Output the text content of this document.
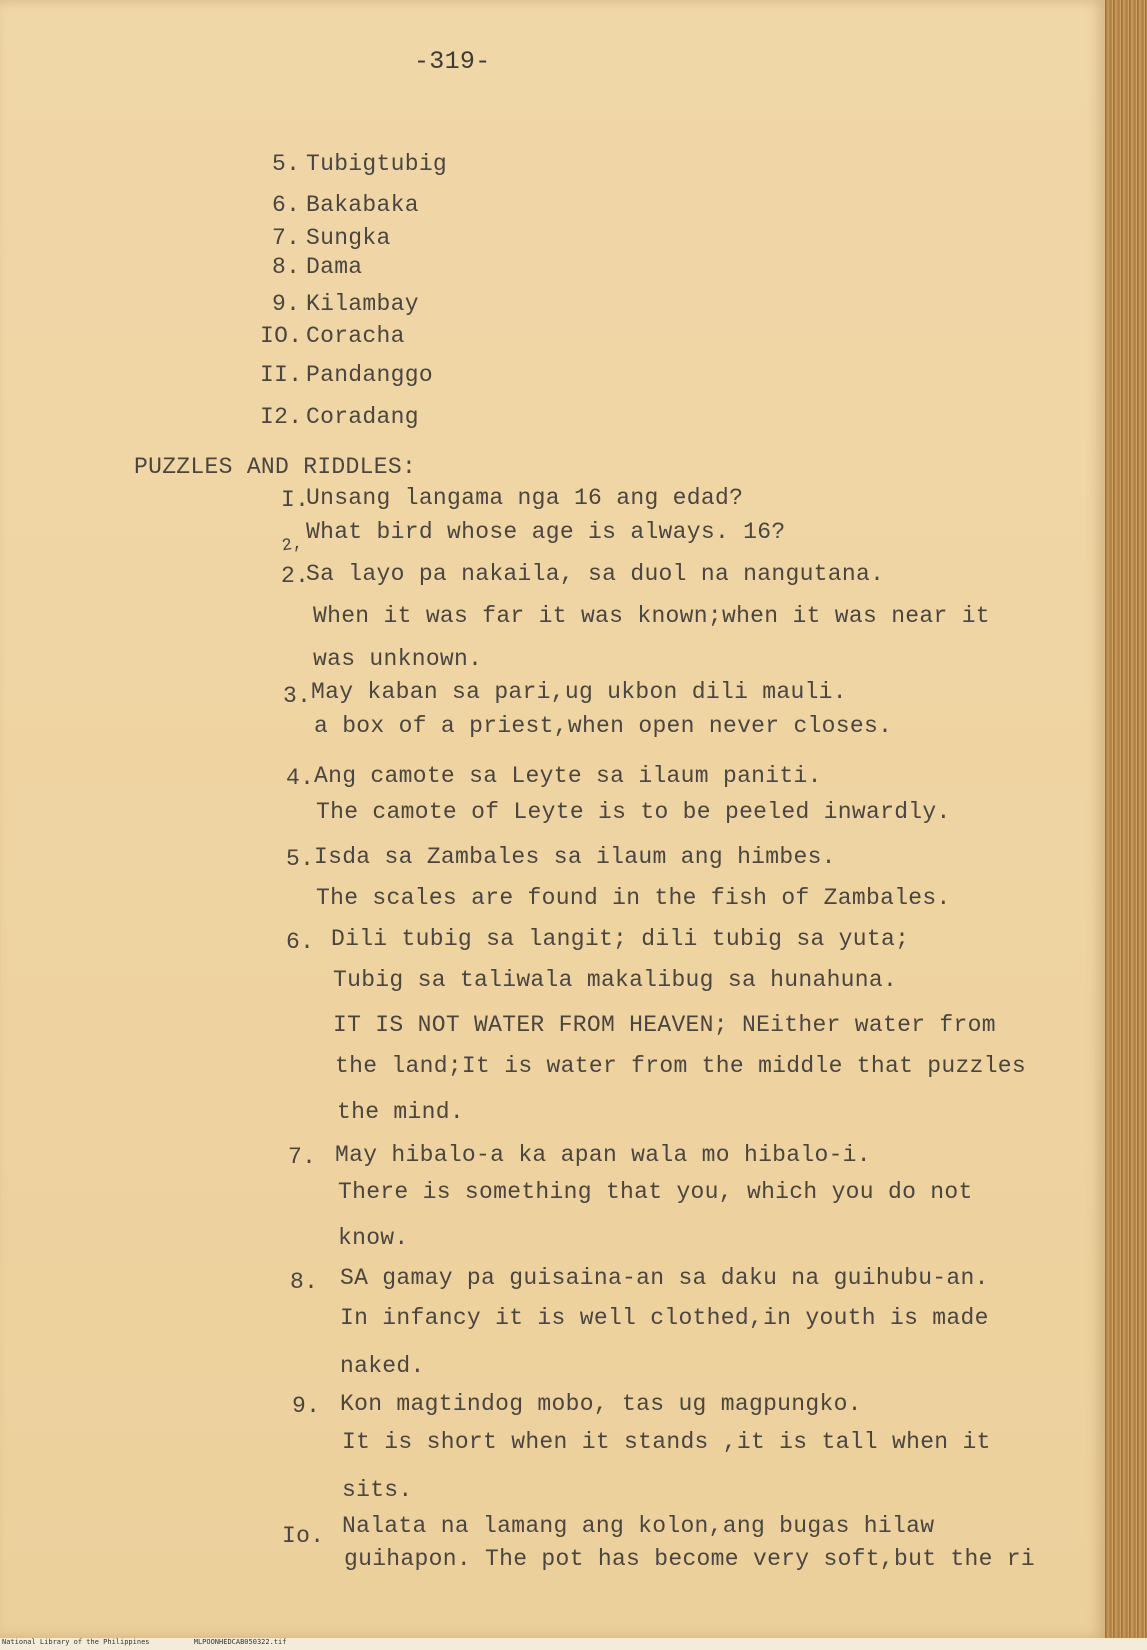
-319-
5. Tubigtubig
6. Bakabaka
7. Sungka
8. Dama
9. Kilambay
IO. Coracha
II. Pandanggo
I2. Coradang
PUZZLES AND RIDDLES:
I.
Unsang langama nga 16 ang edad?
2,
What bird whose age is always. 16?
2.
Sa layo pa nakaila, sa duol na nangutana.
When it was far it was known;when it was near it
was unknown.
3. May kaban sa pari,ug ukbon dili mauli.
a box of a priest,when open never closes.
4. Ang camote sa Leyte sa ilaum paniti.
The camote of Leyte is to be peeled inwardly.
5. Isda sa Zambales sa ilaum ang himbes.
The scales are found in the fish of Zambales.
6. Dili tubig sa langit; dili tubig sa yuta;
Tubig sa taliwala makalibug sa hunahuna.
IT IS NOT WATER FROM HEAVEN; NEither water from
the land;It is water from the middle that puzzles
the mind.
7. May hibalo-a ka apan wala mo hibalo-i.
There is something that you, which you do not
know.
8. SA gamay pa guisaina-an sa daku na guihubu-an.
In infancy it is well clothed,in youth is made
naked.
9. Kon magtindog mobo, tas ug magpungko.
It is short when it stands ,it is tall when it
sits.
Io. Nalata na lamang ang kolon,ang bugas hilaw
guihapon. The pot has become very soft,but the ri
National Library of the Philippines	MLPOONHEDCAB050322.tif
